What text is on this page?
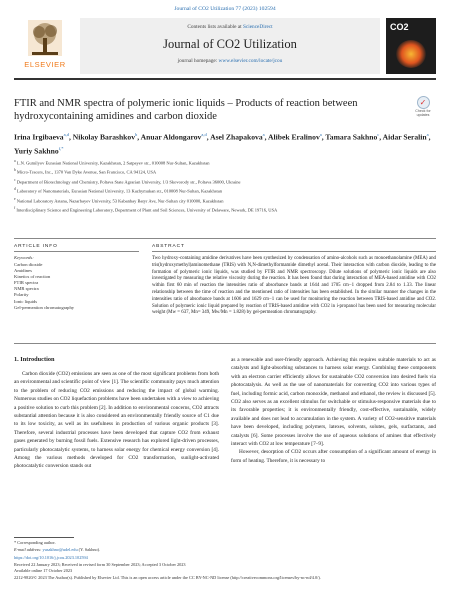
Journal of CO2 Utilization 77 (2023) 102594
ELSEVIER
Contents lists available at ScienceDirect
Journal of CO2 Utilization
journal homepage: www.elsevier.com/locate/jcou
CO2
FTIR and NMR spectra of polymeric ionic liquids – Products of reaction between hydroxycontaining amidines and carbon dioxide
✓
Check for updates
Irina Irgibaeva$^{a,d}$, Nikolay Barashkov$^b$, Anuar Aldongarov$^{a,d}$, Asel Zhapakova$^a$, Alibek Eralinov$^a$, Tamara Sakhno$^c$, Aidar Seralin$^a$, Yuriy Sakhno$^{f,*}$
$^a$ L.N. Gumilyov Eurasian National University, Kazakhstan, 2 Satpayev str., 010008 Nur-Sultan, Kazakhstan
$^b$ Micro-Tracers, Inc., 1370 Van Dyke Avenue, San Francisco, CA 94124, USA
$^c$ Department of Biotechnology and Chemistry, Poltava State Agrarian University, 1/3 Skovorody str., Poltava 36000, Ukraine
$^d$ Laboratory of Nanomaterials, Eurasian National University, 13 Kazhymukan str., 010008 Nur-Sultan, Kazakhstan
$^e$ National Laboratory Astana, Nazarbayev University, 53 Kabanbay Batyr Ave, Nur-Sultan city 010000, Kazakhstan
$^f$ Interdisciplinary Science and Engineering Laboratory, Department of Plant and Soil Sciences, University of Delaware, Newark, DE 19716, USA
ARTICLE INFO	ABSTRACT
Keywords:
Carbon dioxide
Amidines
Kinetics of reaction
FTIR spectra
NMR spectra
Polarity
Ionic liquids
Gel-permeation chromatography
Two hydroxy-containing amidine derivatives have been synthesized by condensation of amino-alcohols such as monoethanolamine (MEA) and tris(hydroxymethyl)aminomethane (TRIS) with N,N-dimethylformamide dimethyl acetal. Their interaction with carbon dioxide, leading to the formation of polymeric ionic liquids, was studied by FTIR and NMR spectroscopy. Dilute solutions of polymeric ionic liquids are also investigated by measuring the relative viscosity during the reaction. It has been found that during interaction of MEA-based amidine with CO2 within first 60 min of reaction the intensities ratio of absorbance bands at 1644 and 1705 cm−1 dropped from 2.84 to 1.33. The linear relationship between the time of reaction and the mentioned ratio of intensities has been established. In the similar manner the changes in the intensities ratio of absorbance bands at 1606 and 1629 cm−1 can be used for monitoring the reaction between TRIS-based amidine and CO2. Solution of polymeric ionic liquid prepared by reaction of TRIS-based amidine with CO2 in i-propanol has been used for measuring molecular weight (Mw = 637, Mn= 349, Mw/Mn = 1.828) by gel-permeation chromatography.
1. Introduction

Carbon dioxide (CO2) emissions are seen as one of the most significant problems from both an environmental and scientific point of view [1]. The scientific community pays much attention to the problem of reducing CO2 emissions and reducing the impact of global warming. Numerous studies on CO2 liquefaction problems have been undertaken with a view to achieving a positive solution to curb this problem [2]. In addition to environmental concerns, CO2 attracts substantial attention because it is also considered an environmentally friendly source of C1 due to its low toxicity, as well as its usefulness in production of various organic products [3]. Therefore, several industrial processes have been developed that capture CO2 from exhaust gases generated by burning fossil fuels. Extensive research has explored light-driven processes, particularly photocatalytic systems, to harness solar energy for chemical energy conversion [4]. Among the various methods developed for CO2 transformation, sunlight-activated photocatalytic conversion stands out

as a renewable and user-friendly approach. Achieving this requires suitable materials to act as catalysts and light-absorbing substances to harness solar energy. Combining these components with an electron carrier efficiently allows for sustainable CO2 conversion into desired fuels via photocatalysis. As well as the use of nanomaterials for converting CO2 into various types of fuel, including formic acid, carbon monoxide, methanol and ethanol, the review is discussed [5]. CO2 also serves as an excellent stimulus for switchable or stimulus-responsive materials due to its favorable properties; it is environmentally friendly, cost-effective, sustainable, widely available and does not lead to accumulation in the system. A variety of CO2-sensitive materials have been developed, including polymers, latexes, solvents, solutes, gels, surfactants, and catalysts [6]. Some processes involve the use of aqueous solutions of amines that effectively interact with CO2 at low temperature [7–9].

However, desorption of CO2 occurs after consumption of a significant amount of energy in form of heating. Therefore, it is necessary to

* Corresponding author.
E-mail address: yusakhno@udel.edu (Y. Sakhno).
https://doi.org/10.1016/j.jcou.2023.102594
Received 22 January 2023; Received in revised form 30 September 2023; Accepted 3 October 2023
Available online 17 October 2023
2212-9820/© 2023 The Author(s). Published by Elsevier Ltd. This is an open access article under the CC BY-NC-ND license (http://creativecommons.org/licenses/by-nc-nd/4.0/).
